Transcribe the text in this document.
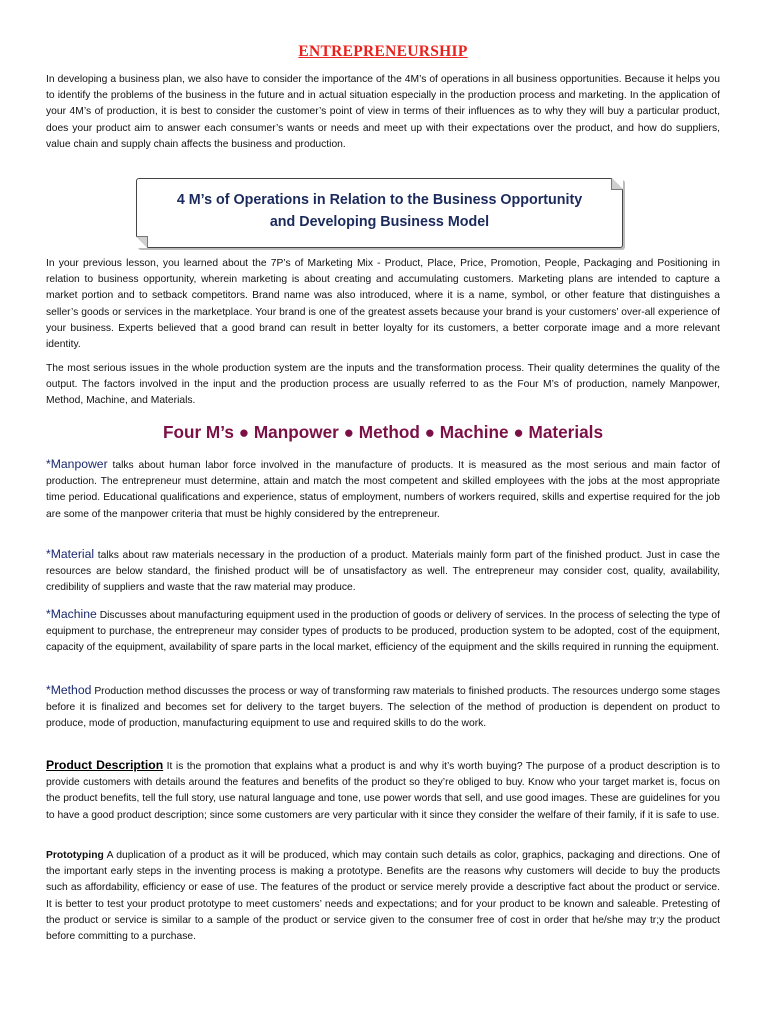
ENTREPRENEURSHIP

In developing a business plan, we also have to consider the importance of the 4M’s of operations in all business opportunities. Because it helps you to identify the problems of the business in the future and in actual situation especially in the production process and marketing. In the application of your 4M’s of production, it is best to consider the customer’s point of view in terms of their influences as to why they will buy a particular product, does your product aim to answer each consumer’s wants or needs and meet up with their expectations over the product, and how do suppliers, value chain and supply chain affects the business and production.

4 M’s of Operations in Relation to the Business Opportunity
and Developing Business Model

In your previous lesson, you learned about the 7P’s of Marketing Mix - Product, Place, Price, Promotion, People, Packaging and Positioning in relation to business opportunity, wherein marketing is about creating and accumulating customers. Marketing plans are intended to capture a market portion and to setback competitors. Brand name was also introduced, where it is a name, symbol, or other feature that distinguishes a seller’s goods or services in the marketplace. Your brand is one of the greatest assets because your brand is your customers’ over-all experience of your business. Experts believed that a good brand can result in better loyalty for its customers, a better corporate image and a more relevant identity.

The most serious issues in the whole production system are the inputs and the transformation process. Their quality determines the quality of the output. The factors involved in the input and the production process are usually referred to as the Four M’s of production, namely Manpower, Method, Machine, and Materials.

Four M’s ● Manpower ● Method ● Machine ● Materials

*Manpower talks about human labor force involved in the manufacture of products. It is measured as the most serious and main factor of production. The entrepreneur must determine, attain and match the most competent and skilled employees with the jobs at the most appropriate time period. Educational qualifications and experience, status of employment, numbers of workers required, skills and expertise required for the job are some of the manpower criteria that must be highly considered by the entrepreneur.

*Material talks about raw materials necessary in the production of a product. Materials mainly form part of the finished product. Just in case the resources are below standard, the finished product will be of unsatisfactory as well. The entrepreneur may consider cost, quality, availability, credibility of suppliers and waste that the raw material may produce.

*Machine Discusses about manufacturing equipment used in the production of goods or delivery of services. In the process of selecting the type of equipment to purchase, the entrepreneur may consider types of products to be produced, production system to be adopted, cost of the equipment, capacity of the equipment, availability of spare parts in the local market, efficiency of the equipment and the skills required in running the equipment.

*Method Production method discusses the process or way of transforming raw materials to finished products. The resources undergo some stages before it is finalized and becomes set for delivery to the target buyers. The selection of the method of production is dependent on product to produce, mode of production, manufacturing equipment to use and required skills to do the work.

Product Description It is the promotion that explains what a product is and why it’s worth buying? The purpose of a product description is to provide customers with details around the features and benefits of the product so they’re obliged to buy. Know who your target market is, focus on the product benefits, tell the full story, use natural language and tone, use power words that sell, and use good images. These are guidelines for you to have a good product description; since some customers are very particular with it since they consider the welfare of their family, if it is safe to use.

Prototyping A duplication of a product as it will be produced, which may contain such details as color, graphics, packaging and directions. One of the important early steps in the inventing process is making a prototype. Benefits are the reasons why customers will decide to buy the products such as affordability, efficiency or ease of use. The features of the product or service merely provide a descriptive fact about the product or service. It is better to test your product prototype to meet customers’ needs and expectations; and for your product to be known and saleable. Pretesting of the product or service is similar to a sample of the product or service given to the consumer free of cost in order that he/she may tr;y the product before committing to a purchase.
